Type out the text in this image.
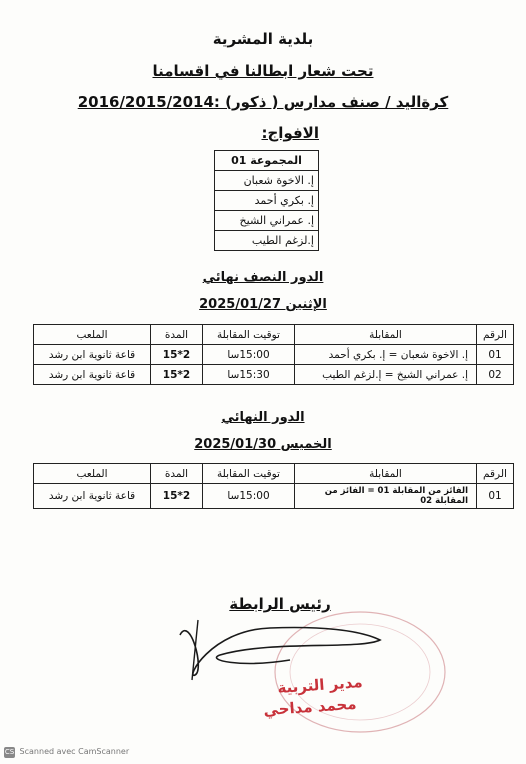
بلدية المشرية
تحت شعار ابطالنا في اقسامنا
كرةاليد / صنف مدارس ( ذكور) :2016/2015/2014
الافواج:
المجموعة 01
إ. الاخوة شعبان
إ. بكري أحمد
إ. عمراني الشيخ
إ.لزغم الطيب
الدور النصف نهائي
الإثنين 2025/01/27
الرقم	المقابلة	توقيت المقابلة	المدة	الملعب
01	إ. الاخوة شعبان = إ. بكري أحمد	15:00سا	2*15	قاعة ثانوية ابن رشد
02	إ. عمراني الشيخ = إ.لزغم الطيب	15:30سا	2*15	قاعة ثانوية ابن رشد
الدور النهائي
الخميس 2025/01/30
الرقم	المقابلة	توقيت المقابلة	المدة	الملعب
01	الفائز من المقابلة 01 = الفائز من المقابلة 02	15:00سا	2*15	قاعة ثانوية ابن رشد
رئيس الرابطة
مدير التربية
محمد مداحي
CS Scanned avec CamScanner
